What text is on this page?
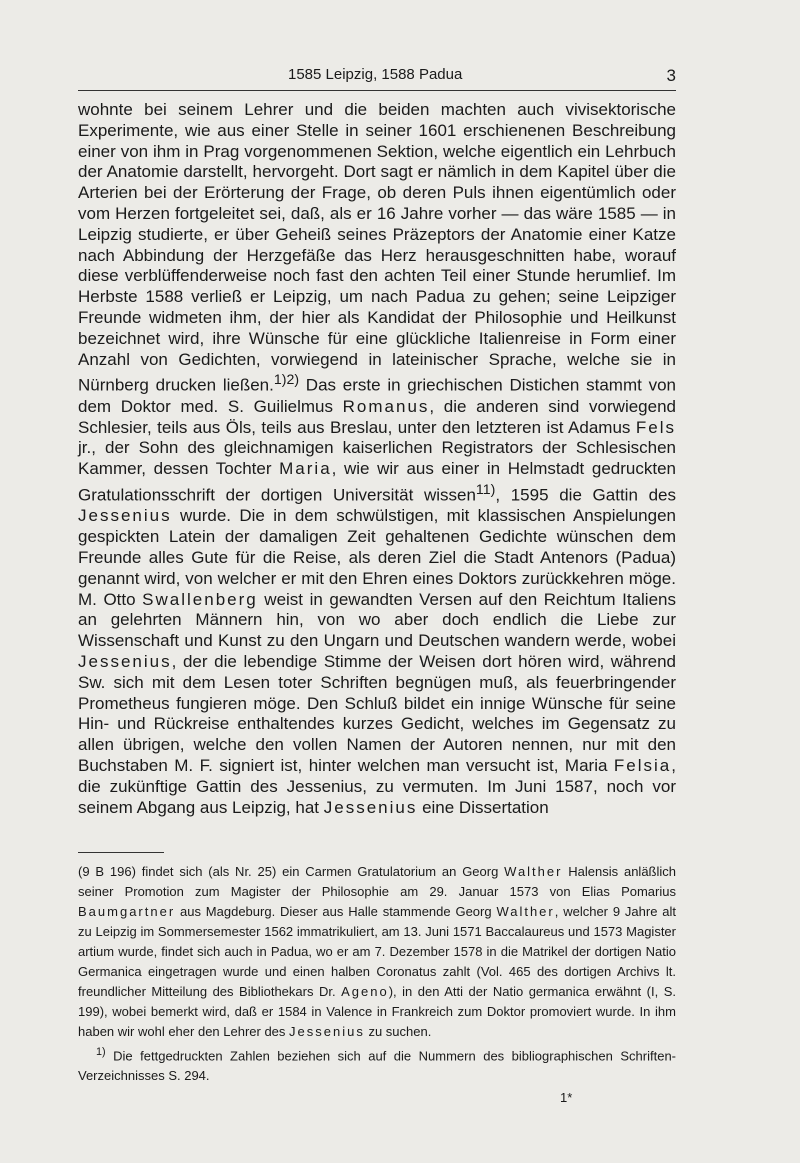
1585 Leipzig, 1588 Padua	3

wohnte bei seinem Lehrer und die beiden machten auch vivisektorische Experimente, wie aus einer Stelle in seiner 1601 erschienenen Beschreibung einer von ihm in Prag vorgenommenen Sektion, welche eigentlich ein Lehrbuch der Anatomie darstellt, hervorgeht. Dort sagt er nämlich in dem Kapitel über die Arterien bei der Erörterung der Frage, ob deren Puls ihnen eigentümlich oder vom Herzen fortgeleitet sei, daß, als er 16 Jahre vorher — das wäre 1585 — in Leipzig studierte, er über Geheiß seines Präzeptors der Anatomie einer Katze nach Abbindung der Herzgefäße das Herz herausgeschnitten habe, worauf diese verblüffenderweise noch fast den achten Teil einer Stunde herumlief. Im Herbste 1588 verließ er Leipzig, um nach Padua zu gehen; seine Leipziger Freunde widmeten ihm, der hier als Kandidat der Philosophie und Heilkunst bezeichnet wird, ihre Wünsche für eine glückliche Italienreise in Form einer Anzahl von Gedichten, vorwiegend in lateinischer Sprache, welche sie in Nürnberg drucken ließen.$^{1)2)}$ Das erste in griechischen Distichen stammt von dem Doktor med. S. Guilielmus Romanus, die anderen sind vorwiegend Schlesier, teils aus Öls, teils aus Breslau, unter den letzteren ist Adamus Fels jr., der Sohn des gleichnamigen kaiserlichen Registrators der Schlesischen Kammer, dessen Tochter Maria, wie wir aus einer in Helmstadt gedruckten Gratulationsschrift der dortigen Universität wissen$^{11)}$, 1595 die Gattin des Jessenius wurde. Die in dem schwülstigen, mit klassischen Anspielungen gespickten Latein der damaligen Zeit gehaltenen Gedichte wünschen dem Freunde alles Gute für die Reise, als deren Ziel die Stadt Antenors (Padua) genannt wird, von welcher er mit den Ehren eines Doktors zurückkehren möge. M. Otto Swallenberg weist in gewandten Versen auf den Reichtum Italiens an gelehrten Männern hin, von wo aber doch endlich die Liebe zur Wissenschaft und Kunst zu den Ungarn und Deutschen wandern werde, wobei Jessenius, der die lebendige Stimme der Weisen dort hören wird, während Sw. sich mit dem Lesen toter Schriften begnügen muß, als feuerbringender Prometheus fungieren möge. Den Schluß bildet ein innige Wünsche für seine Hin- und Rückreise enthaltendes kurzes Gedicht, welches im Gegensatz zu allen übrigen, welche den vollen Namen der Autoren nennen, nur mit den Buchstaben M. F. signiert ist, hinter welchen man versucht ist, Maria Felsia, die zukünftige Gattin des Jessenius, zu vermuten. Im Juni 1587, noch vor seinem Abgang aus Leipzig, hat Jessenius eine Dissertation

(9 B 196) findet sich (als Nr. 25) ein Carmen Gratulatorium an Georg Walther Halensis anläßlich seiner Promotion zum Magister der Philosophie am 29. Januar 1573 von Elias Pomarius Baumgartner aus Magdeburg. Dieser aus Halle stammende Georg Walther, welcher 9 Jahre alt zu Leipzig im Sommersemester 1562 immatrikuliert, am 13. Juni 1571 Baccalaureus und 1573 Magister artium wurde, findet sich auch in Padua, wo er am 7. Dezember 1578 in die Matrikel der dortigen Natio Germanica eingetragen wurde und einen halben Coronatus zahlt (Vol. 465 des dortigen Archivs lt. freundlicher Mitteilung des Bibliothekars Dr. Ageno), in den Atti der Natio germanica erwähnt (I, S. 199), wobei bemerkt wird, daß er 1584 in Valence in Frankreich zum Doktor promoviert wurde. In ihm haben wir wohl eher den Lehrer des Jessenius zu suchen.

$^{1)}$ Die fettgedruckten Zahlen beziehen sich auf die Nummern des bibliographischen Schriften-Verzeichnisses S. 294.

1*
